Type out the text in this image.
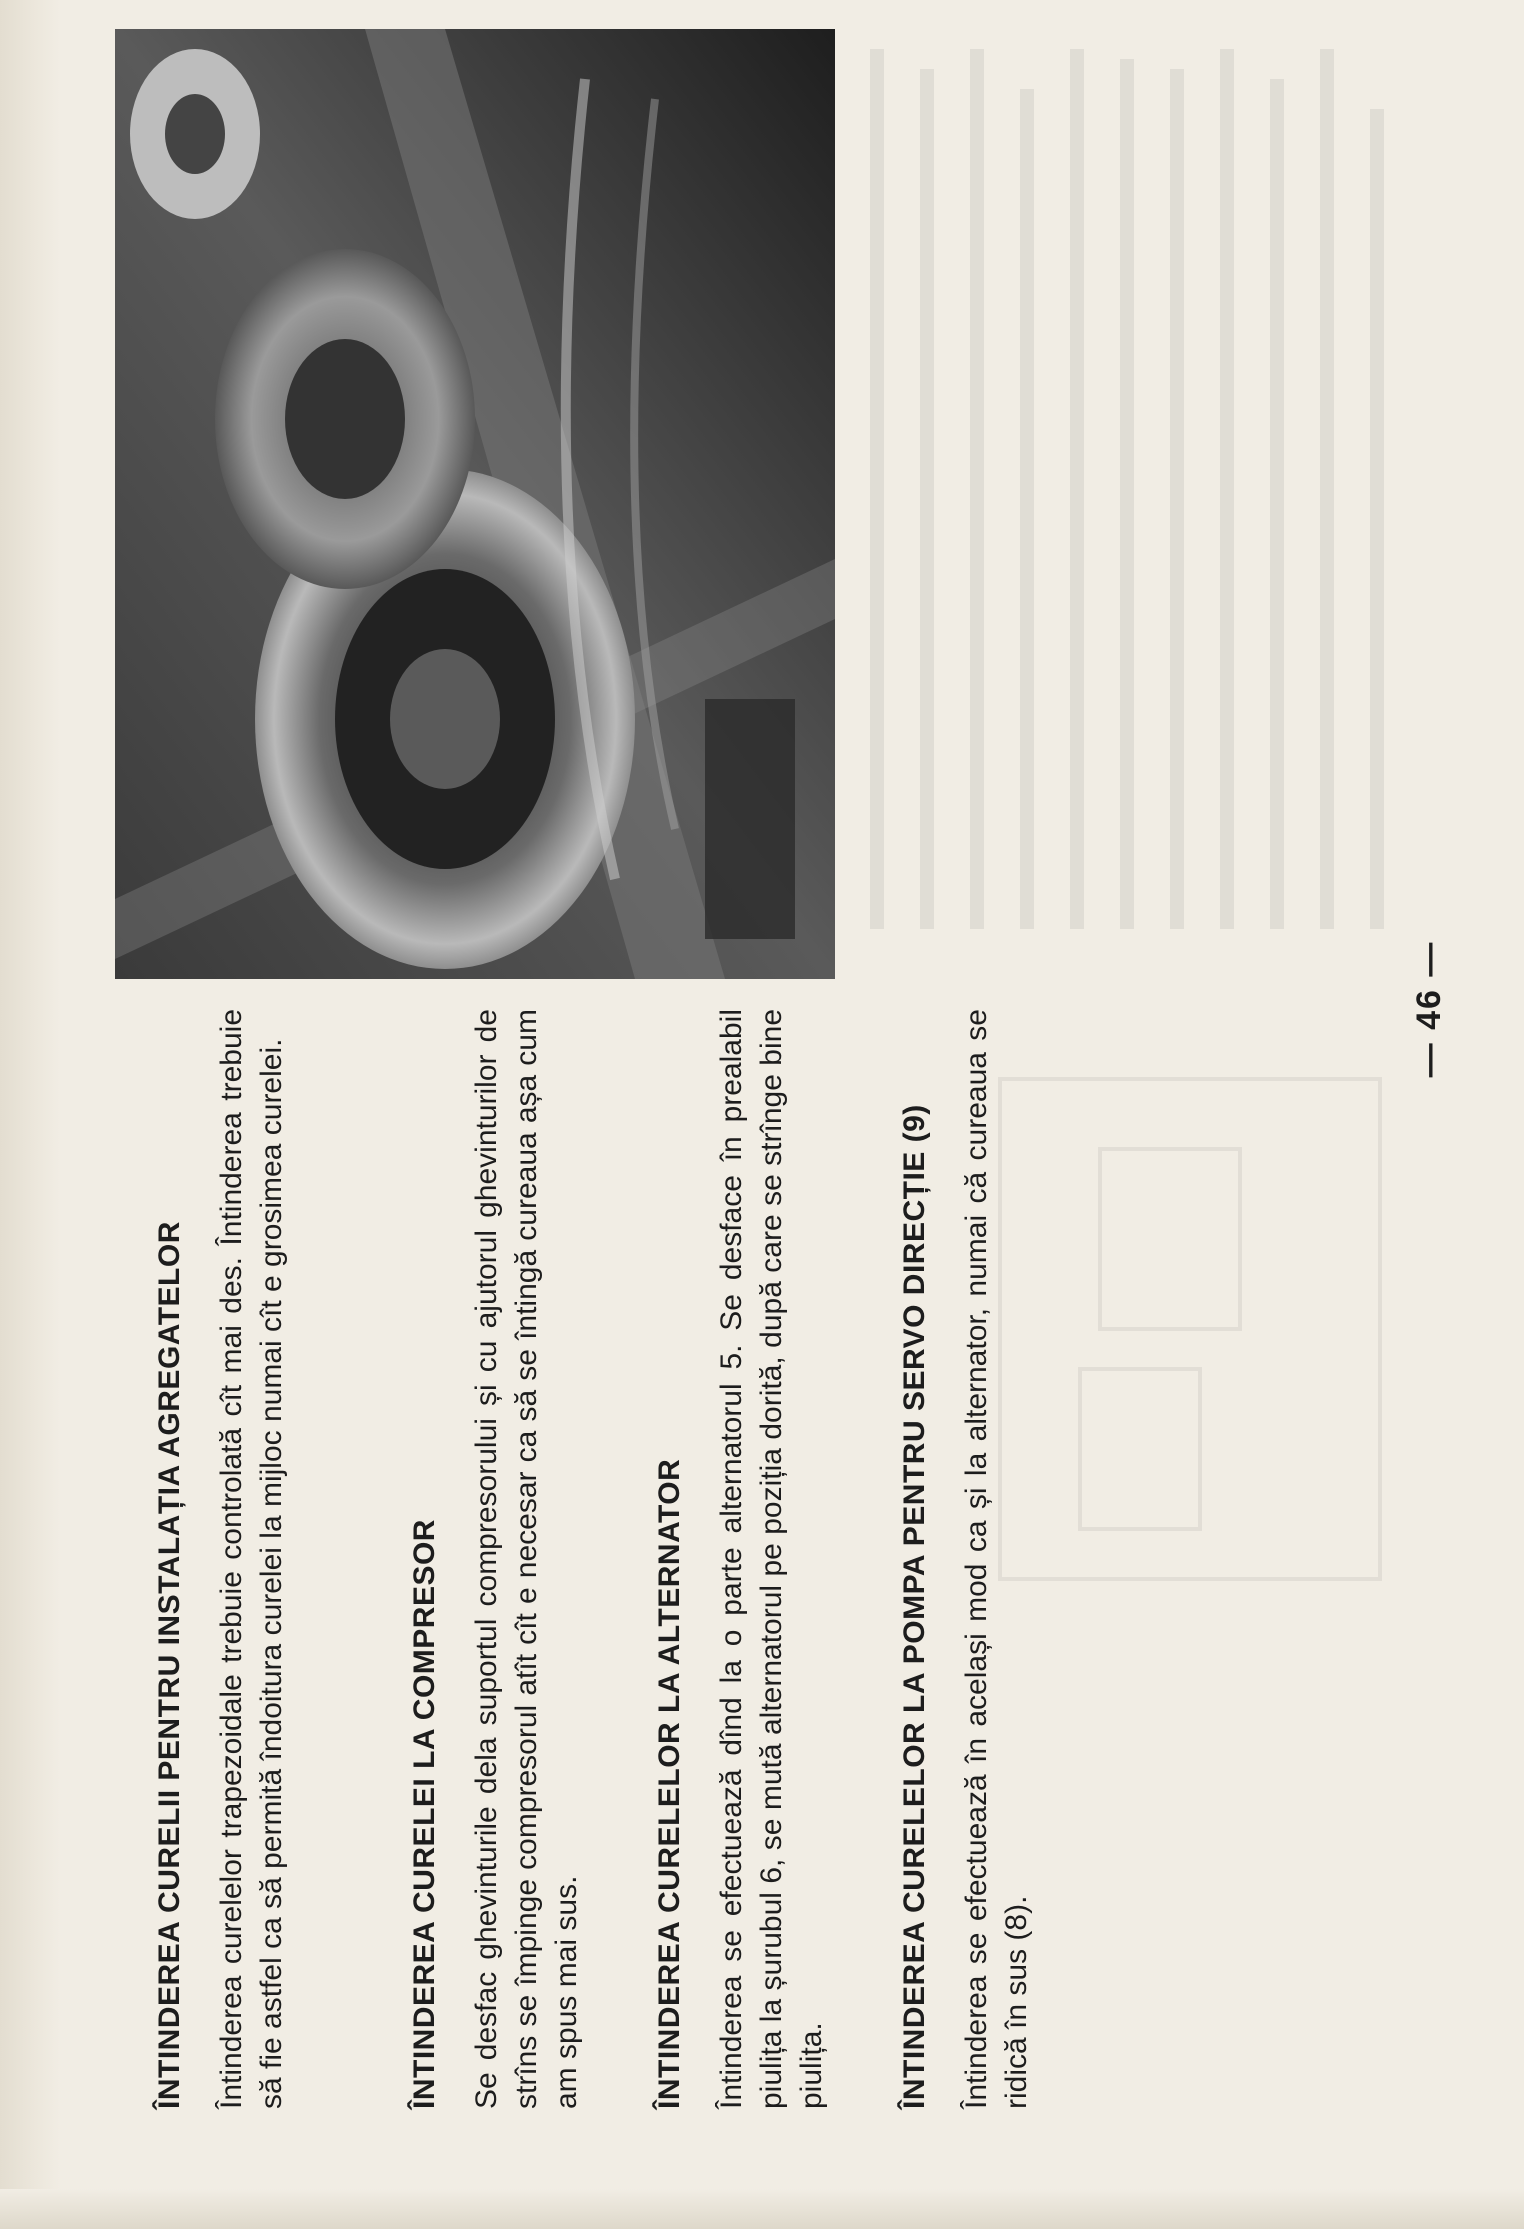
ÎNTINDEREA CURELII PENTRU INSTALAȚIA AGREGATELOR Întinderea curelelor trapezoidale trebuie controlată cît mai des. Întinderea trebuie să fie astfel ca să permită îndoitura curelei la mijloc numai cît e grosimea curelei.	ÎNTINDEREA CURELEI LA COMPRESOR Se desfac ghevinturile dela suportul compresorului și cu ajutorul ghevinturilor de strîns se împinge compresorul atît cît e necesar ca să se întingă cureaua așa cum am spus mai sus. ÎNTINDEREA CURELELOR LA ALTERNATOR Întinderea se efectuează dînd la o parte alternatorul 5. Se desface în prealabil piulița la șurubul 6, se mută alternatorul pe poziția dorită, după care se strînge bine piulița. ÎNTINDEREA CURELELOR LA POMPA PENTRU SERVO DIRECȚIE (9) Întinderea se efectuează în același mod ca și la alternator, numai că cureaua se ridică în sus (8).

— 46 —
